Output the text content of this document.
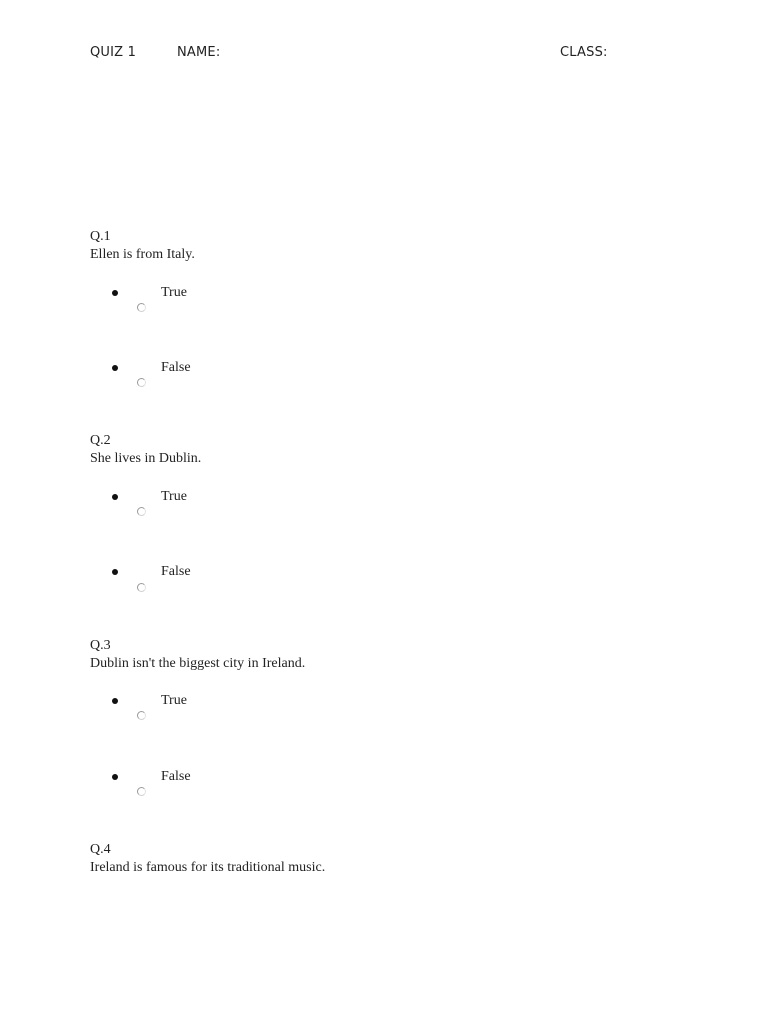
QUIZ 1	NAME:	CLASS:
Q.1
Ellen is from Italy.
True
False
Q.2
She lives in Dublin.
True
False
Q.3
Dublin isn't the biggest city in Ireland.
True
False
Q.4
Ireland is famous for its traditional music.
